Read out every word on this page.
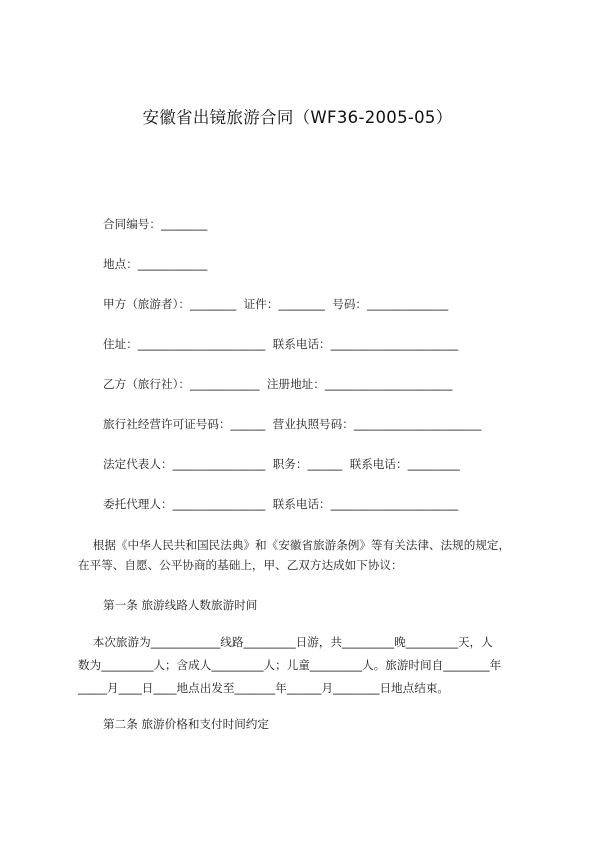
安徽省出镜旅游合同（WF36-2005-05）
合同编号：________
地点：____________
甲方（旅游者）：________  证件：________  号码：______________
住址：______________________  联系电话：______________________
乙方（旅行社）：____________  注册地址：______________________
旅行社经营许可证号码：______  营业执照号码：______________________
法定代表人：________________  职务：______  联系电话：_________
委托代理人：________________  联系电话：______________________
根据《中华人民共和国民法典》和《安徽省旅游条例》等有关法律、法规的规定，
在平等、自愿、公平协商的基础上，甲、乙双方达成如下协议：
第一条 旅游线路人数旅游时间
本次旅游为____________线路_________日游，共_________晚_________天，人
数为_________人；含成人_________人；儿童_________人。旅游时间自________年
_____月____日____地点出发至_______年______月________日地点结束。
第二条 旅游价格和支付时间约定
